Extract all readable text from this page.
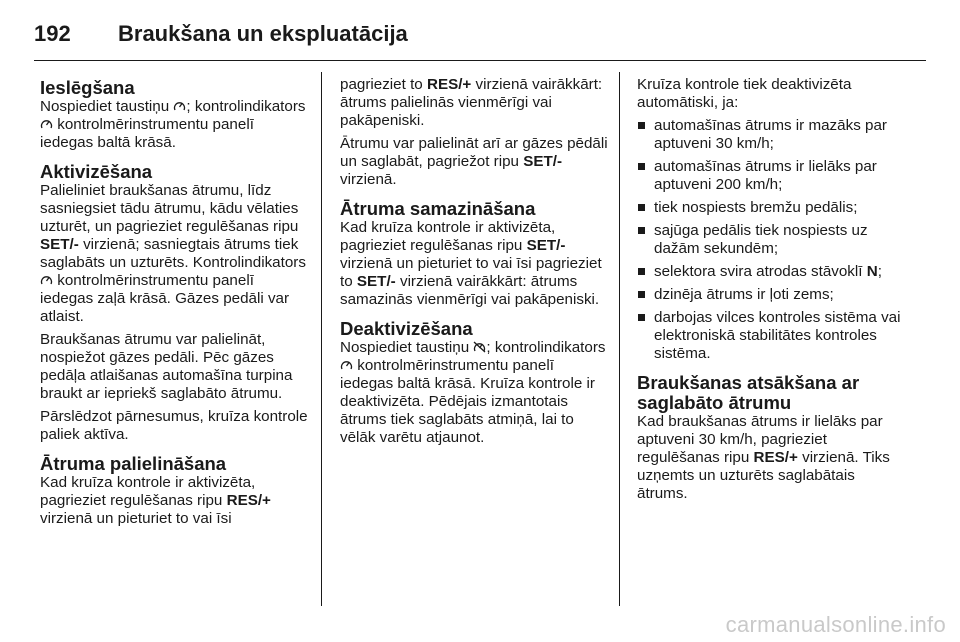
192	Braukšana un ekspluatācija
Ieslēgšana

Nospiediet taustiņu ; kontrolindikators  kontrolmērinstrumentu panelī iedegas baltā krāsā.

Aktivizēšana

Palieliniet braukšanas ātrumu, līdz sasniegsiet tādu ātrumu, kādu vēlaties uzturēt, un pagrieziet regulēšanas ripu SET/- virzienā; sasniegtais ātrums tiek saglabāts un uzturēts. Kontrolindikators  kontrolmērinstrumentu panelī iedegas zaļā krāsā. Gāzes pedāli var atlaist.

Braukšanas ātrumu var palielināt, nospiežot gāzes pedāli. Pēc gāzes pedāļa atlaišanas automašīna turpina braukt ar iepriekš saglabāto ātrumu.

Pārslēdzot pārnesumus, kruīza kontrole paliek aktīva.

Ātruma palielināšana

Kad kruīza kontrole ir aktivizēta, pagrieziet regulēšanas ripu RES/+ virzienā un pieturiet to vai īsi

pagrieziet to RES/+ virzienā vairākkārt: ātrums palielinās vienmērīgi vai pakāpeniski.

Ātrumu var palielināt arī ar gāzes pēdāli un saglabāt, pagriežot ripu SET/- virzienā.

Ātruma samazināšana

Kad kruīza kontrole ir aktivizēta, pagrieziet regulēšanas ripu SET/- virzienā un pieturiet to vai īsi pagrieziet to SET/- virzienā vairākkārt: ātrums samazinās vienmērīgi vai pakāpeniski.

Deaktivizēšana

Nospiediet taustiņu ; kontrolindikators  kontrolmērinstrumentu panelī iedegas baltā krāsā. Kruīza kontrole ir deaktivizēta. Pēdējais izmantotais ātrums tiek saglabāts atmiņā, lai to vēlāk varētu atjaunot.

Kruīza kontrole tiek deaktivizēta automātiski, ja:

automašīnas ātrums ir mazāks par aptuveni 30 km/h;
automašīnas ātrums ir lielāks par aptuveni 200 km/h;
tiek nospiests bremžu pedālis;
sajūga pedālis tiek nospiests uz dažām sekundēm;
selektora svira atrodas stāvoklī N;
dzinēja ātrums ir ļoti zems;
darbojas vilces kontroles sistēma vai elektroniskā stabilitātes kontroles sistēma.
Braukšanas atsākšana ar saglabāto ātrumu

Kad braukšanas ātrums ir lielāks par aptuveni 30 km/h, pagrieziet regulēšanas ripu RES/+ virzienā. Tiks uzņemts un uzturēts saglabātais ātrums.

carmanualsonline.info
